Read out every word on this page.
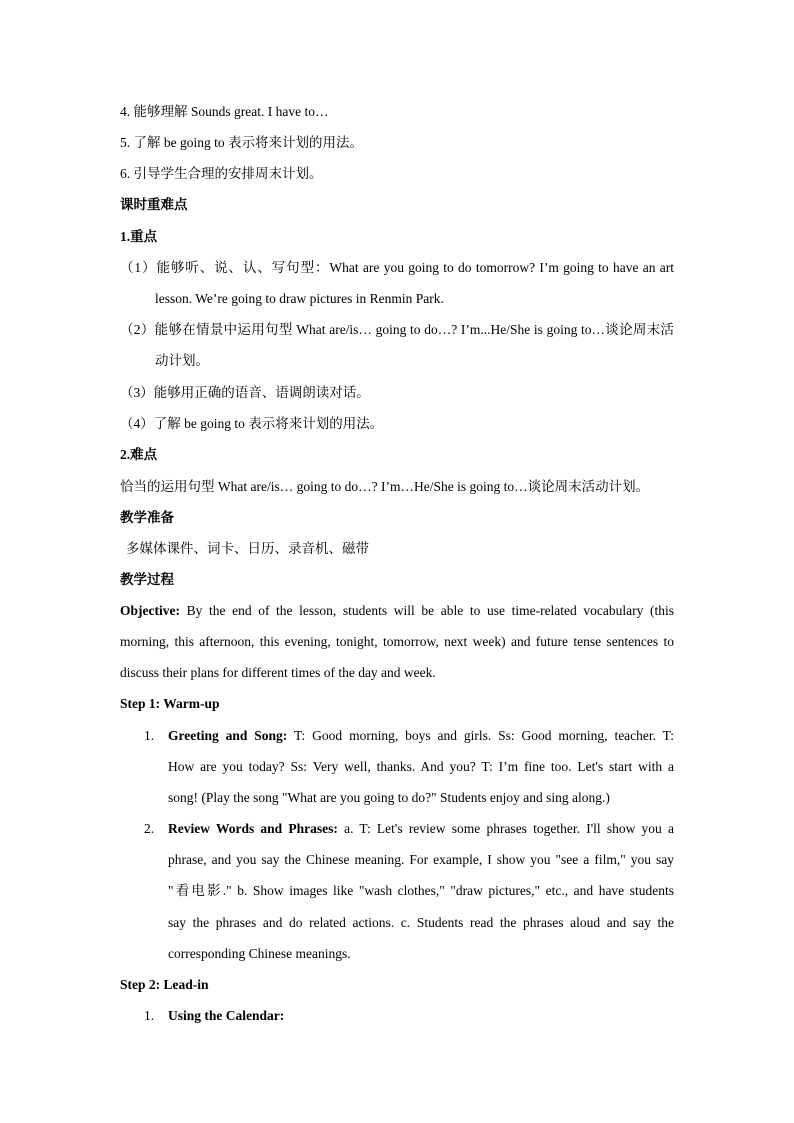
4. 能够理解 Sounds great. I have to…
5. 了解 be going to 表示将来计划的用法。
6. 引导学生合理的安排周末计划。
课时重难点
1.重点
（1）能够听、说、认、写句型：What are you going to do tomorrow? I’m going to have an art
lesson. We’re going to draw pictures in Renmin Park.
（2）能够在情景中运用句型 What are/is… going to do…? I’m...He/She is going to…谈论周末活
动计划。
（3）能够用正确的语音、语调朗读对话。
（4）了解 be going to 表示将来计划的用法。
2.难点
恰当的运用句型 What are/is… going to do…? I’m…He/She is going to…谈论周末活动计划。
教学准备
多媒体课件、词卡、日历、录音机、磁带
教学过程
Objective: By the end of the lesson, students will be able to use time-related vocabulary (this
morning, this afternoon, this evening, tonight, tomorrow, next week) and future tense sentences to
discuss their plans for different times of the day and week.
Step 1: Warm-up
1. Greeting and Song: T: Good morning, boys and girls. Ss: Good morning, teacher. T:
How are you today? Ss: Very well, thanks. And you? T: I’m fine too. Let's start with a
song! (Play the song "What are you going to do?" Students enjoy and sing along.)
2. Review Words and Phrases: a. T: Let's review some phrases together. I'll show you a
phrase, and you say the Chinese meaning. For example, I show you "see a film," you say
"看电影." b. Show images like "wash clothes," "draw pictures," etc., and have students
say the phrases and do related actions. c. Students read the phrases aloud and say the
corresponding Chinese meanings.
Step 2: Lead-in
1. Using the Calendar:
